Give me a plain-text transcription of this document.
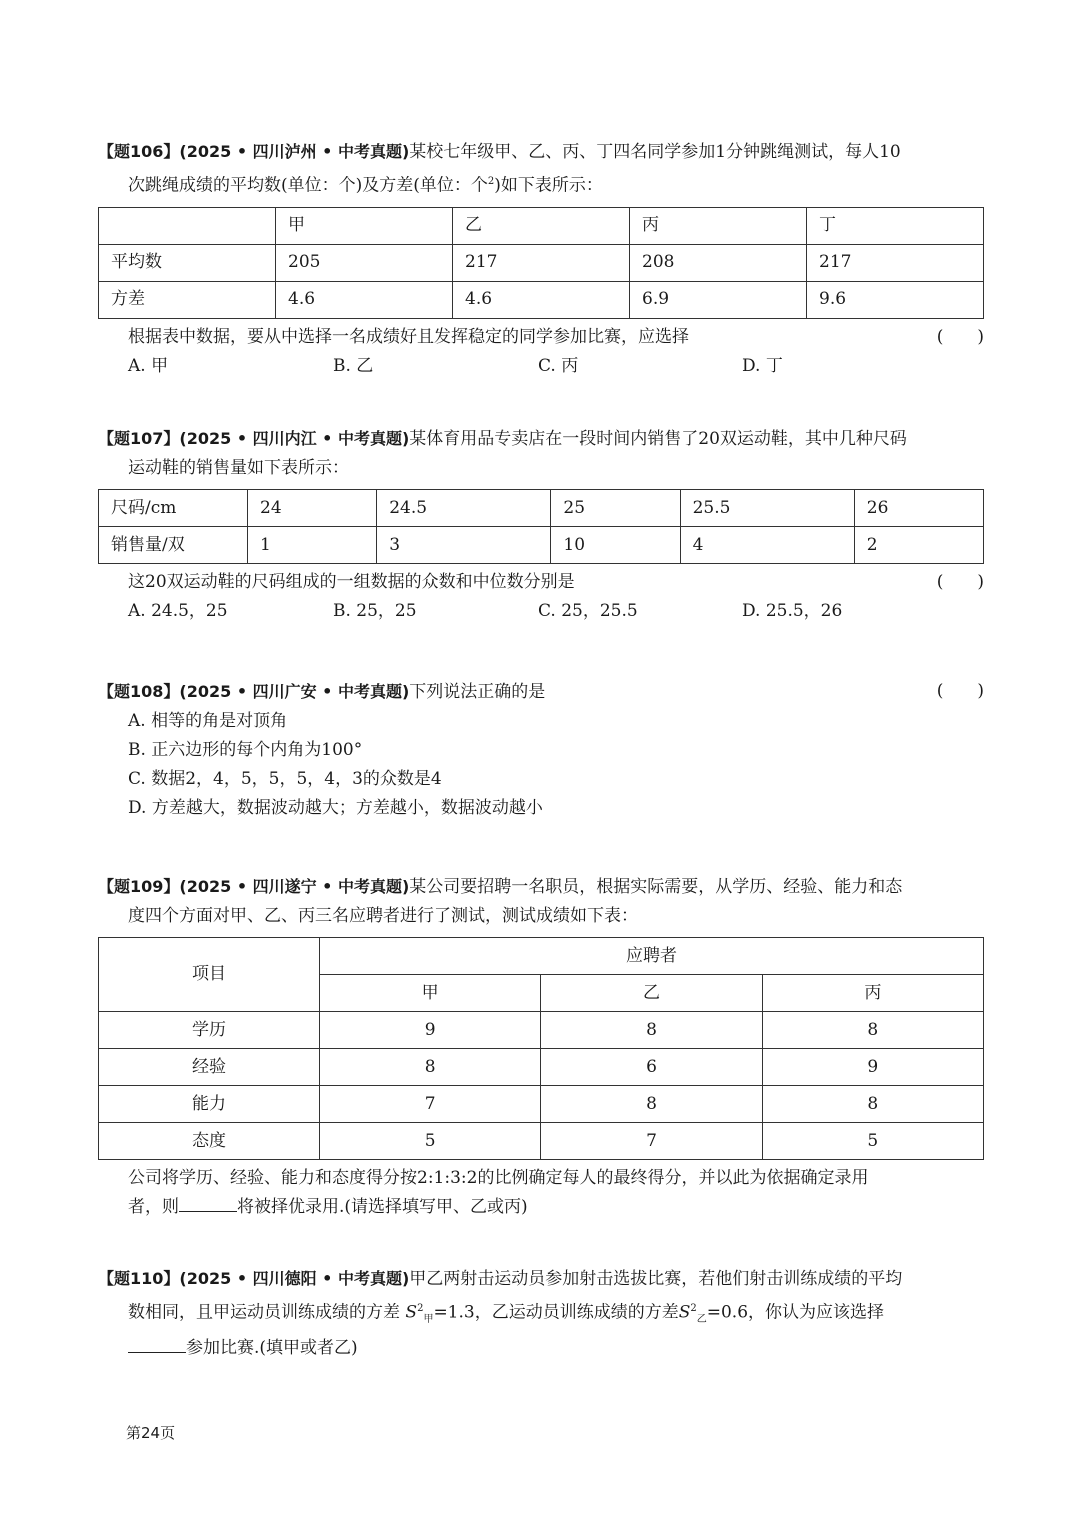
【题106】(2025 • 四川泸州 • 中考真题)某校七年级甲、乙、丙、丁四名同学参加1分钟跳绳测试，每人10
次跳绳成绩的平均数(单位：个)及方差(单位：个$^2$)如下表所示：
	甲	乙	丙	丁
平均数	205	217	208	217
方差	4.6	4.6	6.9	9.6
根据表中数据，要从中选择一名成绩好且发挥稳定的同学参加比赛，应选择	(　　)
A. 甲	B. 乙	C. 丙	D. 丁
【题107】(2025 • 四川内江 • 中考真题)某体育用品专卖店在一段时间内销售了20双运动鞋，其中几种尺码
运动鞋的销售量如下表所示：
尺码/cm	24	24.5	25	25.5	26
销售量/双	1	3	10	4	2
这20双运动鞋的尺码组成的一组数据的众数和中位数分别是	(　　)
A. 24.5，25	B. 25，25	C. 25，25.5	D. 25.5，26
【题108】(2025 • 四川广安 • 中考真题)下列说法正确的是	(　　)
A. 相等的角是对顶角
B. 正六边形的每个内角为100°
C. 数据2，4，5，5，5，4，3的众数是4
D. 方差越大，数据波动越大；方差越小，数据波动越小
【题109】(2025 • 四川遂宁 • 中考真题)某公司要招聘一名职员，根据实际需要，从学历、经验、能力和态
度四个方面对甲、乙、丙三名应聘者进行了测试，测试成绩如下表：
项目	应聘者		
	甲	乙	丙
学历	9	8	8
经验	8	6	9
能力	7	8	8
态度	5	7	5
公司将学历、经验、能力和态度得分按2:1:3:2的比例确定每人的最终得分，并以此为依据确定录用
者，则	将被择优录用.(请选择填写甲、乙或丙)
【题110】(2025 • 四川德阳 • 中考真题)甲乙两射击运动员参加射击选拔比赛，若他们射击训练成绩的平均
数相同，且甲运动员训练成绩的方差 $S^2_甲=1.3$，乙运动员训练成绩的方差$S^2_乙=0.6$，你认为应该选择
参加比赛.(填甲或者乙)
第24页
